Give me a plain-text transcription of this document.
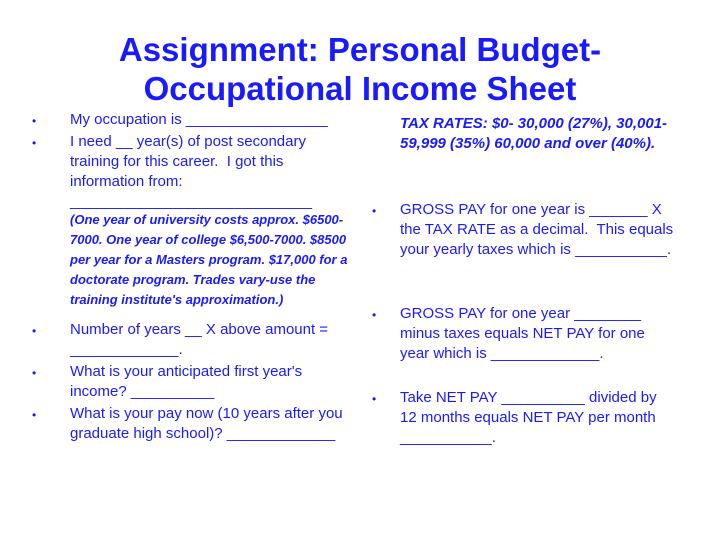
Assignment: Personal Budget-
Occupational Income Sheet
• My occupation is _________________
• I need __ year(s) of post secondary training for this career.  I got this information from: _____________________________
(One year of university costs approx. $6500-7000. One year of college $6,500-7000. $8500 per year for a Masters program. $17,000 for a doctorate program. Trades vary-use the training institute's approximation.)
• Number of years __ X above amount = _____________.
• What is your anticipated first year's income? __________
• What is your pay now (10 years after you graduate high school)? _____________
TAX RATES: $0- 30,000 (27%), 30,001-59,999 (35%) 60,000 and over (40%).
• GROSS PAY for one year is _______ X the TAX RATE as a decimal.  This equals your yearly taxes which is ___________.
• GROSS PAY for one year ________ minus taxes equals NET PAY for one year which is _____________.
• Take NET PAY __________ divided by 12 months equals NET PAY per month ___________.
